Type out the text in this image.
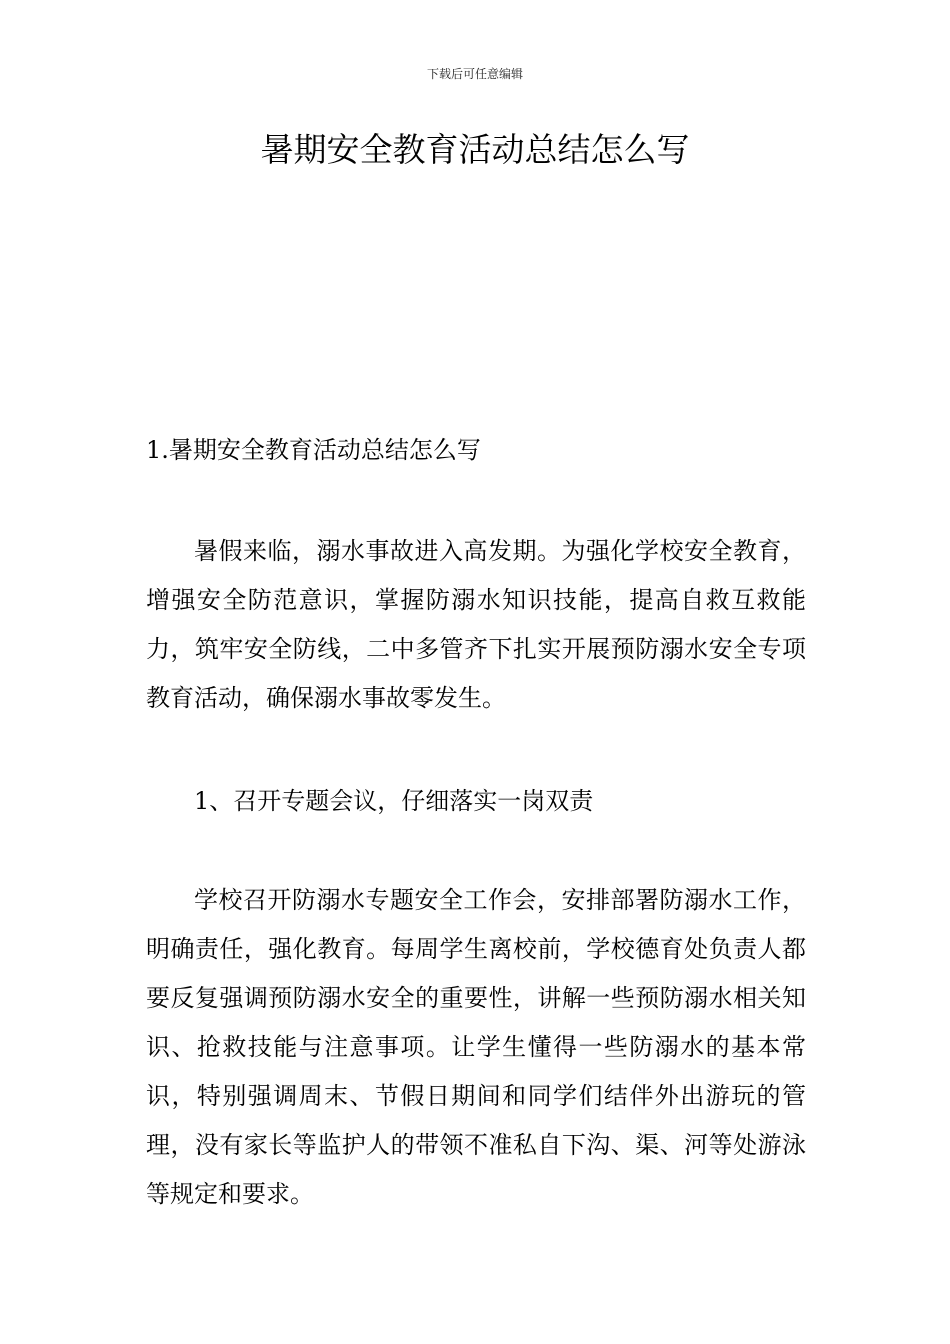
下载后可任意编辑
暑期安全教育活动总结怎么写

1.暑期安全教育活动总结怎么写

暑假来临，溺水事故进入高发期。为强化学校安全教育，增强安全防范意识，掌握防溺水知识技能，提高自救互救能力，筑牢安全防线，二中多管齐下扎实开展预防溺水安全专项教育活动，确保溺水事故零发生。

1、召开专题会议，仔细落实一岗双责

学校召开防溺水专题安全工作会，安排部署防溺水工作，明确责任，强化教育。每周学生离校前，学校德育处负责人都要反复强调预防溺水安全的重要性，讲解一些预防溺水相关知识、抢救技能与注意事项。让学生懂得一些防溺水的基本常识，特别强调周末、节假日期间和同学们结伴外出游玩的管理，没有家长等监护人的带领不准私自下沟、渠、河等处游泳等规定和要求。
